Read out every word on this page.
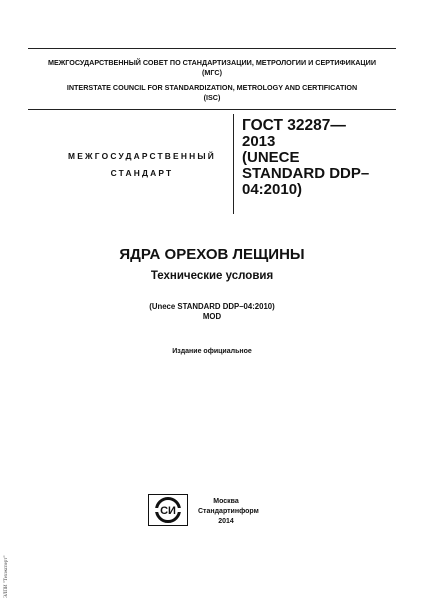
МЕЖГОСУДАРСТВЕННЫЙ СОВЕТ ПО СТАНДАРТИЗАЦИИ, МЕТРОЛОГИИ И СЕРТИФИКАЦИИ
(МГС)
INTERSTATE COUNCIL FOR STANDARDIZATION, METROLOGY AND CERTIFICATION
(ISC)
МЕЖГОСУДАРСТВЕННЫЙ
СТАНДАРТ
ГОСТ 32287—
2013
(UNECE
STANDARD DDP–
04:2010)
ЯДРА ОРЕХОВ ЛЕЩИНЫ
Технические условия
(Unece STANDARD DDP–04:2010)
MOD
Издание официальное
СИ
Москва
Стандартинформ
2014
ЭЛПИ "Техэксперт"
